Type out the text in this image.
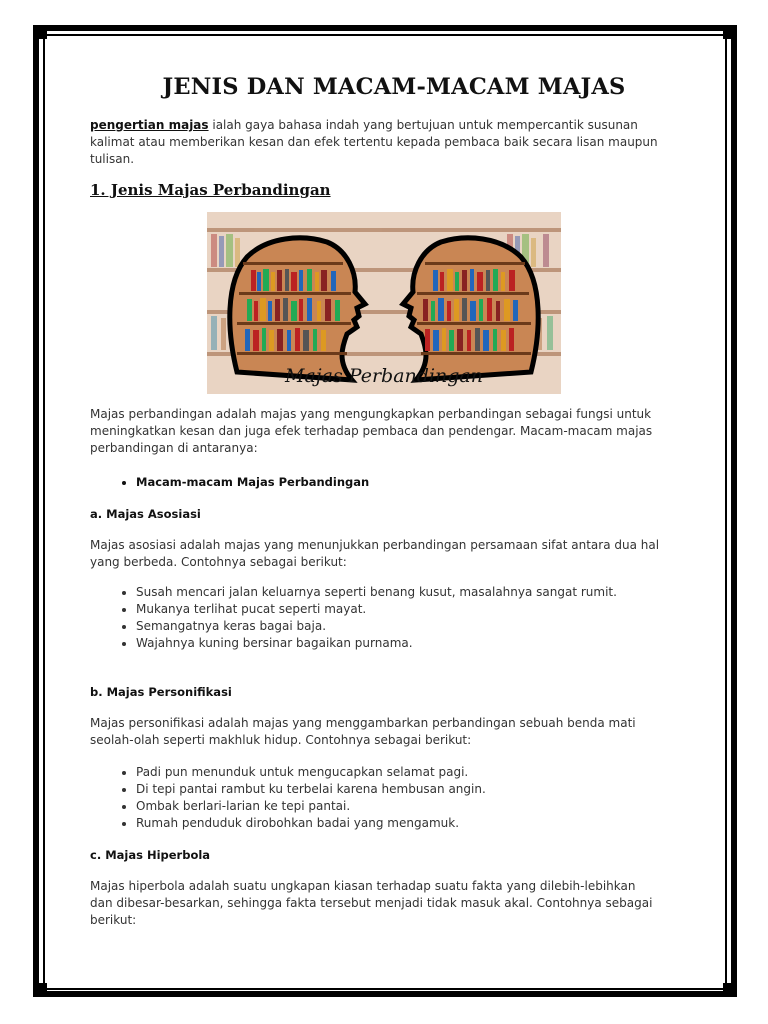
JENIS DAN MACAM-MACAM MAJAS

pengertian majas ialah gaya bahasa indah yang bertujuan untuk mempercantik susunan kalimat atau memberikan kesan dan efek tertentu kepada pembaca baik secara lisan maupun tulisan.

1. Jenis Majas Perbandingan
Majas Perbandingan

Majas perbandingan adalah majas yang mengungkapkan perbandingan sebagai fungsi untuk meningkatkan kesan dan juga efek terhadap pembaca dan pendengar. Macam-macam majas perbandingan di antaranya:

• Macam-macam Majas Perbandingan

a. Majas Asosiasi

Majas asosiasi adalah majas yang menunjukkan perbandingan persamaan sifat antara dua hal yang berbeda. Contohnya sebagai berikut:

• Susah mencari jalan keluarnya seperti benang kusut, masalahnya sangat rumit.
• Mukanya terlihat pucat seperti mayat.
• Semangatnya keras bagai baja.
• Wajahnya kuning bersinar bagaikan purnama.

b. Majas Personifikasi

Majas personifikasi adalah majas yang menggambarkan perbandingan sebuah benda mati seolah-olah seperti makhluk hidup. Contohnya sebagai berikut:

• Padi pun menunduk untuk mengucapkan selamat pagi.
• Di tepi pantai rambut ku terbelai karena hembusan angin.
• Ombak berlari-larian ke tepi pantai.
• Rumah penduduk dirobohkan badai yang mengamuk.

c. Majas Hiperbola

Majas hiperbola adalah suatu ungkapan kiasan terhadap suatu fakta yang dilebih-lebihkan dan dibesar-besarkan, sehingga fakta tersebut menjadi tidak masuk akal. Contohnya sebagai berikut:
